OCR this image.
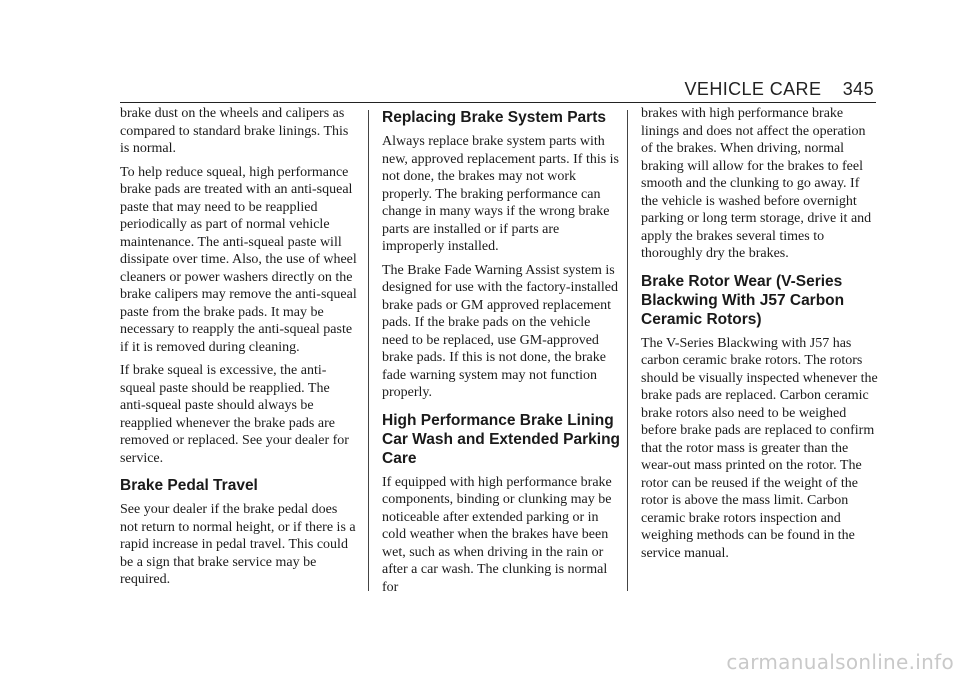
VEHICLE CARE 345

brake dust on the wheels and calipers as compared to standard brake linings. This is normal.

To help reduce squeal, high performance brake pads are treated with an anti-squeal paste that may need to be reapplied periodically as part of normal vehicle maintenance. The anti-squeal paste will dissipate over time. Also, the use of wheel cleaners or power washers directly on the brake calipers may remove the anti-squeal paste from the brake pads. It may be necessary to reapply the anti-squeal paste if it is removed during cleaning.

If brake squeal is excessive, the anti-squeal paste should be reapplied. The anti-squeal paste should always be reapplied whenever the brake pads are removed or replaced. See your dealer for service.

Brake Pedal Travel

See your dealer if the brake pedal does not return to normal height, or if there is a rapid increase in pedal travel. This could be a sign that brake service may be required.

Replacing Brake System Parts

Always replace brake system parts with new, approved replacement parts. If this is not done, the brakes may not work properly. The braking performance can change in many ways if the wrong brake parts are installed or if parts are improperly installed.

The Brake Fade Warning Assist system is designed for use with the factory-installed brake pads or GM approved replacement pads. If the brake pads on the vehicle need to be replaced, use GM-approved brake pads. If this is not done, the brake fade warning system may not function properly.

High Performance Brake Lining Car Wash and Extended Parking Care

If equipped with high performance brake components, binding or clunking may be noticeable after extended parking or in cold weather when the brakes have been wet, such as when driving in the rain or after a car wash. The clunking is normal for

brakes with high performance brake linings and does not affect the operation of the brakes. When driving, normal braking will allow for the brakes to feel smooth and the clunking to go away. If the vehicle is washed before overnight parking or long term storage, drive it and apply the brakes several times to thoroughly dry the brakes.

Brake Rotor Wear (V-Series Blackwing With J57 Carbon Ceramic Rotors)

The V-Series Blackwing with J57 has carbon ceramic brake rotors. The rotors should be visually inspected whenever the brake pads are replaced. Carbon ceramic brake rotors also need to be weighed before brake pads are replaced to confirm that the rotor mass is greater than the wear-out mass printed on the rotor. The rotor can be reused if the weight of the rotor is above the mass limit. Carbon ceramic brake rotors inspection and weighing methods can be found in the service manual.

carmanualsonline.info
